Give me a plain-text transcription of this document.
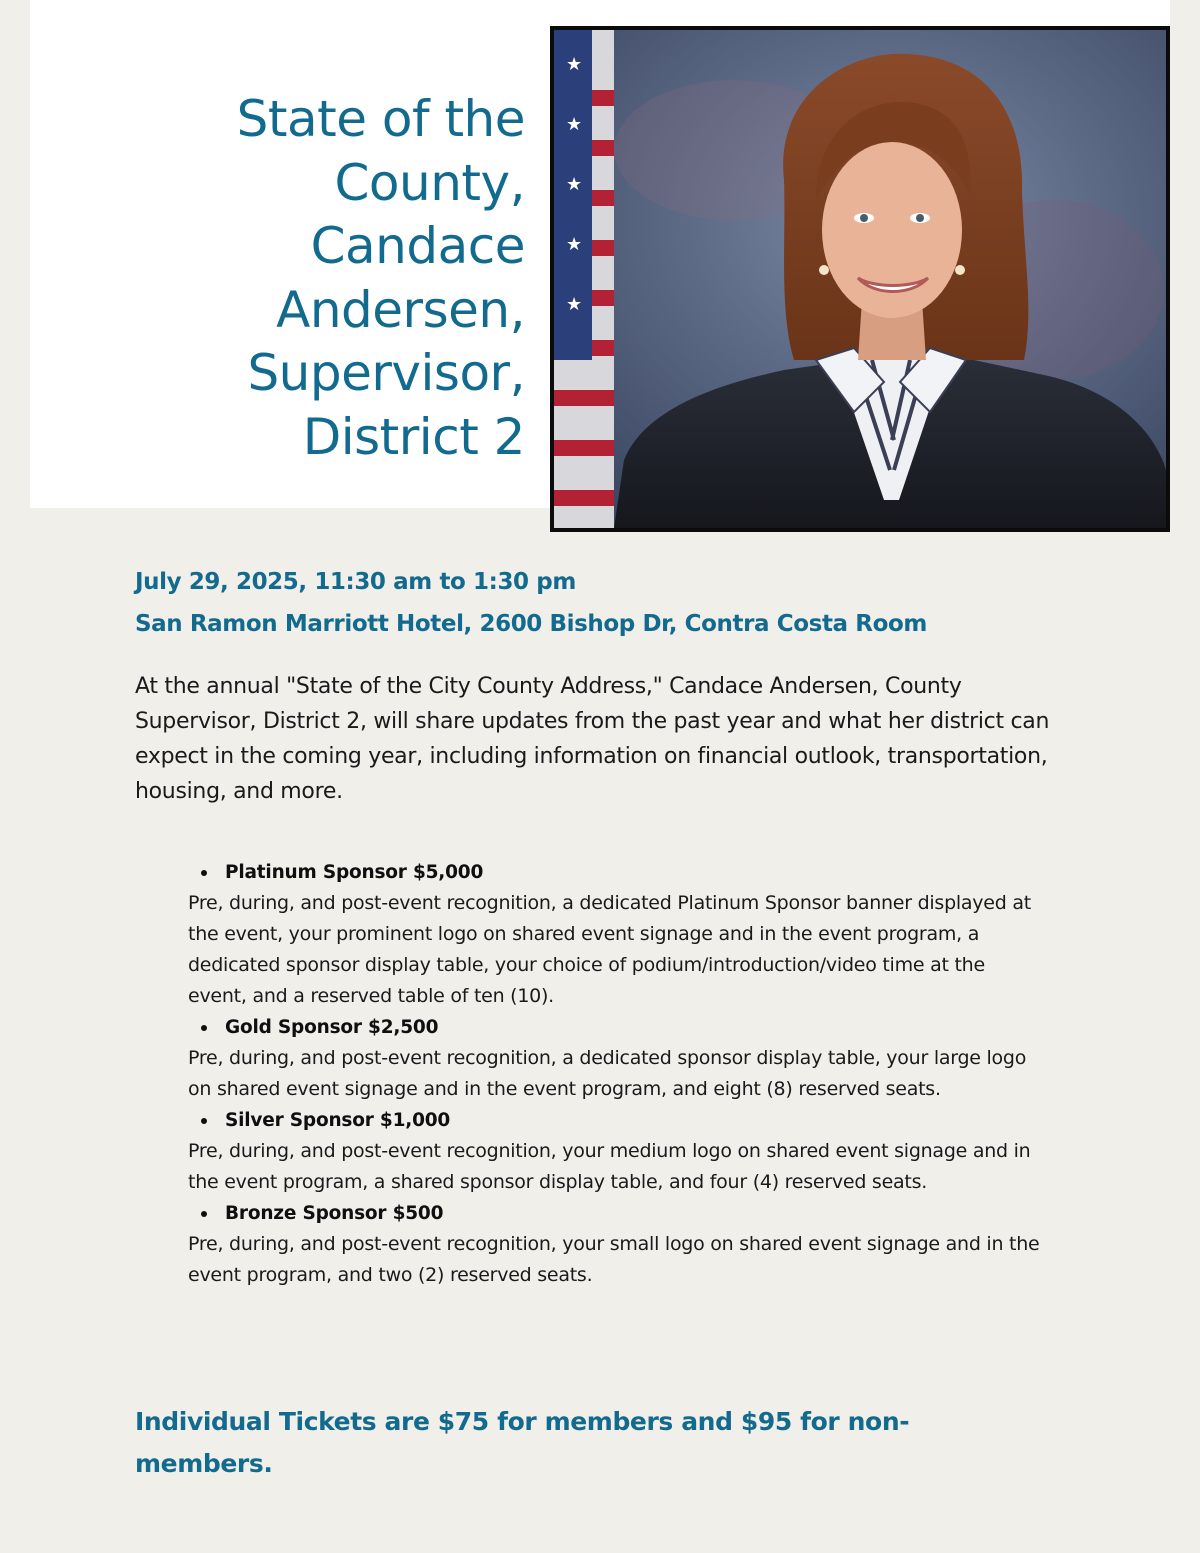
State of the County, Candace Andersen, Supervisor, District 2
★
★
★
★
★
July 29, 2025, 11:30 am to 1:30 pm
San Ramon Marriott Hotel, 2600 Bishop Dr, Contra Costa Room

At the annual "State of the City County Address," Candace Andersen, County Supervisor, District 2, will share updates from the past year and what her district can expect in the coming year, including information on financial outlook, transportation, housing, and more.

Platinum Sponsor $5,000
Pre, during, and post-event recognition, a dedicated Platinum Sponsor banner displayed at the event, your prominent logo on shared event signage and in the event program, a dedicated sponsor display table, your choice of podium/introduction/video time at the event, and a reserved table of ten (10).
Gold Sponsor $2,500
Pre, during, and post-event recognition, a dedicated sponsor display table, your large logo on shared event signage and in the event program, and eight (8) reserved seats.
Silver Sponsor $1,000
Pre, during, and post-event recognition, your medium logo on shared event signage and in the event program, a shared sponsor display table, and four (4) reserved seats.
Bronze Sponsor $500
Pre, during, and post-event recognition, your small logo on shared event signage and in the event program, and two (2) reserved seats.

Individual Tickets are $75 for members and $95 for non-members.
